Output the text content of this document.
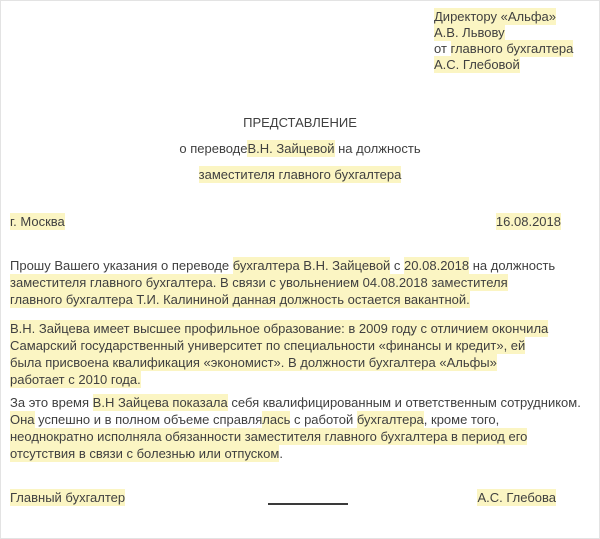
Директору «Альфа»
А.В. Львову
от главного бухгалтера
А.С. Глебовой
ПРЕДСТАВЛЕНИЕ
о переводеВ.Н. Зайцевой на должность
заместителя главного бухгалтера
г. Москва	16.08.2018
Прошу Вашего указания о переводе бухгалтера В.Н. Зайцевой с 20.08.2018 на должность
заместителя главного бухгалтера. В связи с увольнением 04.08.2018 заместителя
главного бухгалтера Т.И. Калининой данная должность остается вакантной.
В.Н. Зайцева имеет высшее профильное образование: в 2009 году с отличием окончила
Самарский государственный университет по специальности «финансы и кредит», ей
была присвоена квалификация «экономист». В должности бухгалтера «Альфы»
работает с 2010 года.
За это время В.Н Зайцева показала себя квалифицированным и ответственным сотрудником.
Она успешно и в полном объеме справлялась с работой бухгалтера, кроме того,
неоднократно исполняла обязанности заместителя главного бухгалтера в период его
отсутствия в связи с болезнью или отпуском.
Главный бухгалтер	А.С. Глебова
